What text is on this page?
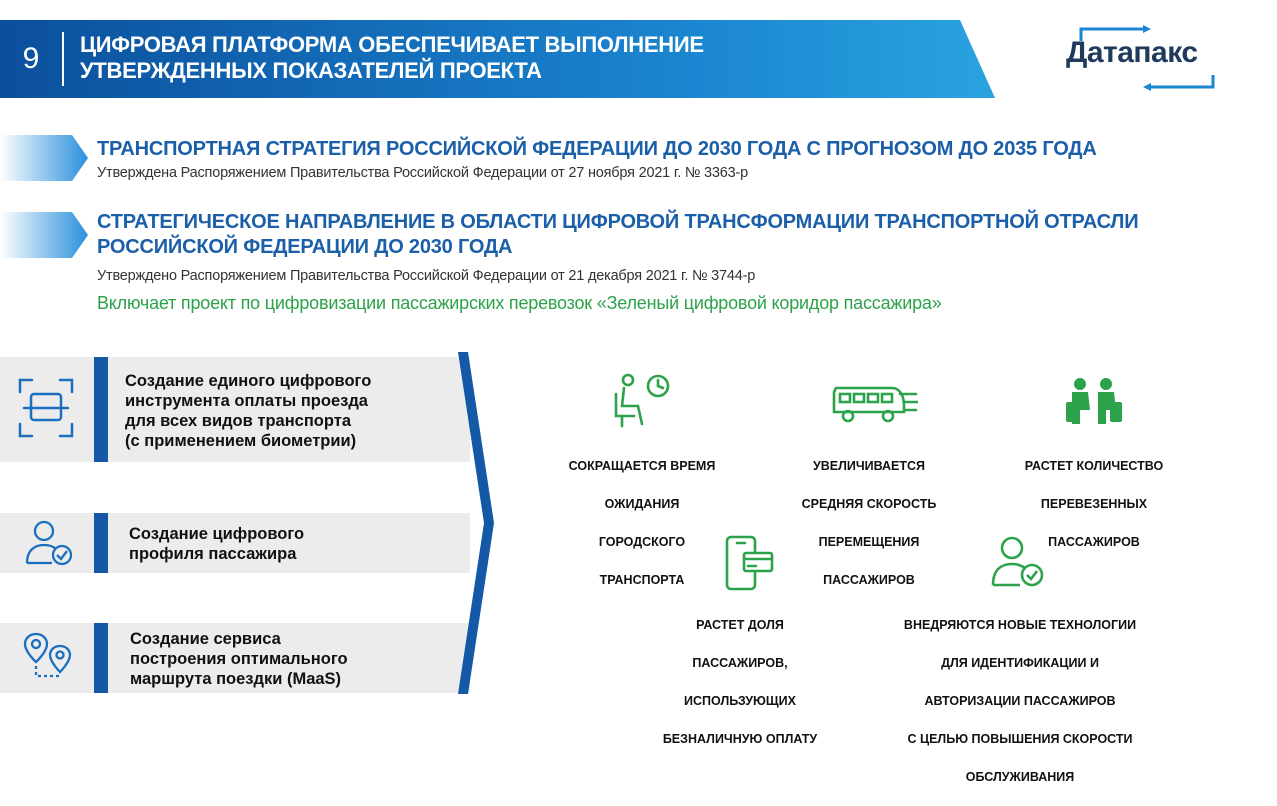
9	ЦИФРОВАЯ ПЛАТФОРМА ОБЕСПЕЧИВАЕТ ВЫПОЛНЕНИЕ
УТВЕРЖДЕННЫХ ПОКАЗАТЕЛЕЙ ПРОЕКТА
Датапакс
ТРАНСПОРТНАЯ СТРАТЕГИЯ РОССИЙСКОЙ ФЕДЕРАЦИИ ДО 2030 ГОДА С ПРОГНОЗОМ ДО 2035 ГОДА
Утверждена Распоряжением Правительства Российской Федерации от 27 ноября 2021 г. № 3363-р
СТРАТЕГИЧЕСКОЕ НАПРАВЛЕНИЕ В ОБЛАСТИ ЦИФРОВОЙ ТРАНСФОРМАЦИИ ТРАНСПОРТНОЙ ОТРАСЛИ
РОССИЙСКОЙ ФЕДЕРАЦИИ ДО 2030 ГОДА
Утверждено Распоряжением Правительства Российской Федерации от 21 декабря 2021 г. № 3744-р
Включает проект по цифровизации пассажирских перевозок «Зеленый цифровой коридор пассажира»
Создание единого цифрового
инструмента оплаты проезда
для всех видов транспорта
(с применением биометрии)
Создание цифрового
профиля пассажира
Создание сервиса
построения оптимального
маршрута поездки (MaaS)

СОКРАЩАЕТСЯ ВРЕМЯ

ОЖИДАНИЯ

ГОРОДСКОГО

ТРАНСПОРТА

УВЕЛИЧИВАЕТСЯ

СРЕДНЯЯ СКОРОСТЬ

ПЕРЕМЕЩЕНИЯ

ПАССАЖИРОВ

РАСТЕТ КОЛИЧЕСТВО

ПЕРЕВЕЗЕННЫХ

ПАССАЖИРОВ

РАСТЕТ ДОЛЯ

ПАССАЖИРОВ,

ИСПОЛЬЗУЮЩИХ

БЕЗНАЛИЧНУЮ ОПЛАТУ

ВНЕДРЯЮТСЯ НОВЫЕ ТЕХНОЛОГИИ

ДЛЯ ИДЕНТИФИКАЦИИ И

АВТОРИЗАЦИИ ПАССАЖИРОВ

С ЦЕЛЬЮ ПОВЫШЕНИЯ СКОРОСТИ

ОБСЛУЖИВАНИЯ
